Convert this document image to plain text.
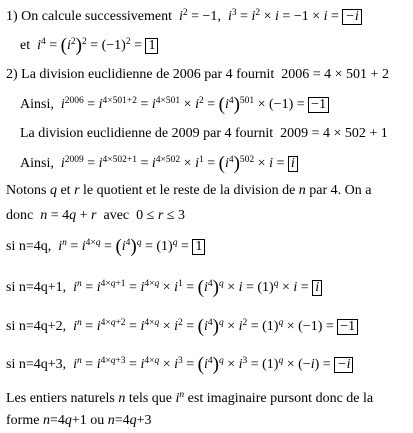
1) On calcule successivement $i^2 = -1$,  $i^3 = i^2 \times i = -1 \times i = -i$
et $i^4 = (i^2)^2 = (-1)^2 = 1$
2) La division euclidienne de 2006 par 4 fournit 2006 = 4 × 501 + 2
Ainsi, $i^{2006} = i^{4\times 501+2} = i^{4\times 501} \times i^2 = (i^4)^{501} \times (-1) = -1$
La division euclidienne de 2009 par 4 fournit 2009 = 4 × 502 + 1
Ainsi, $i^{2009} = i^{4\times 502+1} = i^{4\times 502} \times i^1 = (i^4)^{502} \times i = i$
Notons q et r le quotient et le reste de la division de n par 4. On a
donc  n = 4q + r  avec  0 ≤ r ≤ 3
si n=4q, $i^n = i^{4\times q} = (i^4)^q = (1)^q = 1$
si n=4q+1, $i^n = i^{4\times q+1} = i^{4\times q} \times i^1 = (i^4)^q \times i = (1)^q \times i = i$
si n=4q+2, $i^n = i^{4\times q+2} = i^{4\times q} \times i^2 = (i^4)^q \times i^2 = (1)^q \times (-1) = -1$
si n=4q+3, $i^n = i^{4\times q+3} = i^{4\times q} \times i^3 = (i^4)^q \times i^3 = (1)^q \times (-i) = -i$
Les entiers naturels n tels que $i^n$ est imaginaire pursont donc de la
forme n=4q+1 ou n=4q+3
